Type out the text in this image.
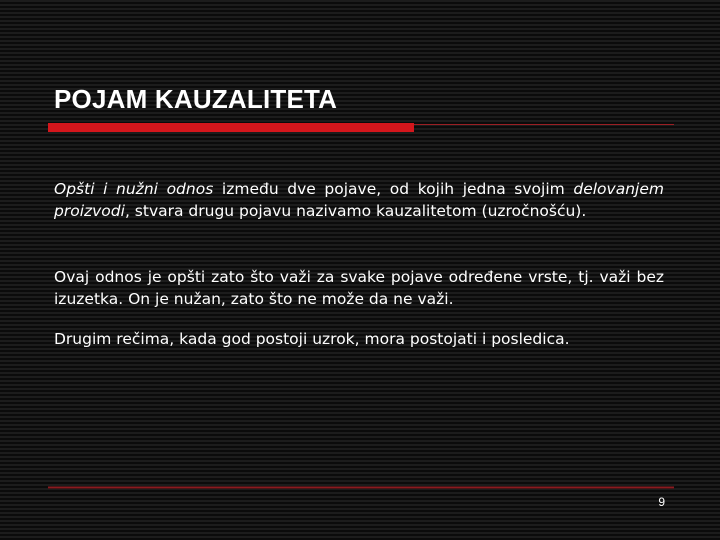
POJAM KAUZALITETA

Opšti i nužni odnos između dve pojave, od kojih jedna svojim delovanjem proizvodi, stvara drugu pojavu nazivamo kauzalitetom (uzročnošću).

Ovaj odnos je opšti zato što važi za svake pojave određene vrste, tj. važi bez izuzetka. On je nužan, zato što ne može da ne važi.

Drugim rečima, kada god postoji uzrok, mora postojati i posledica.

9
